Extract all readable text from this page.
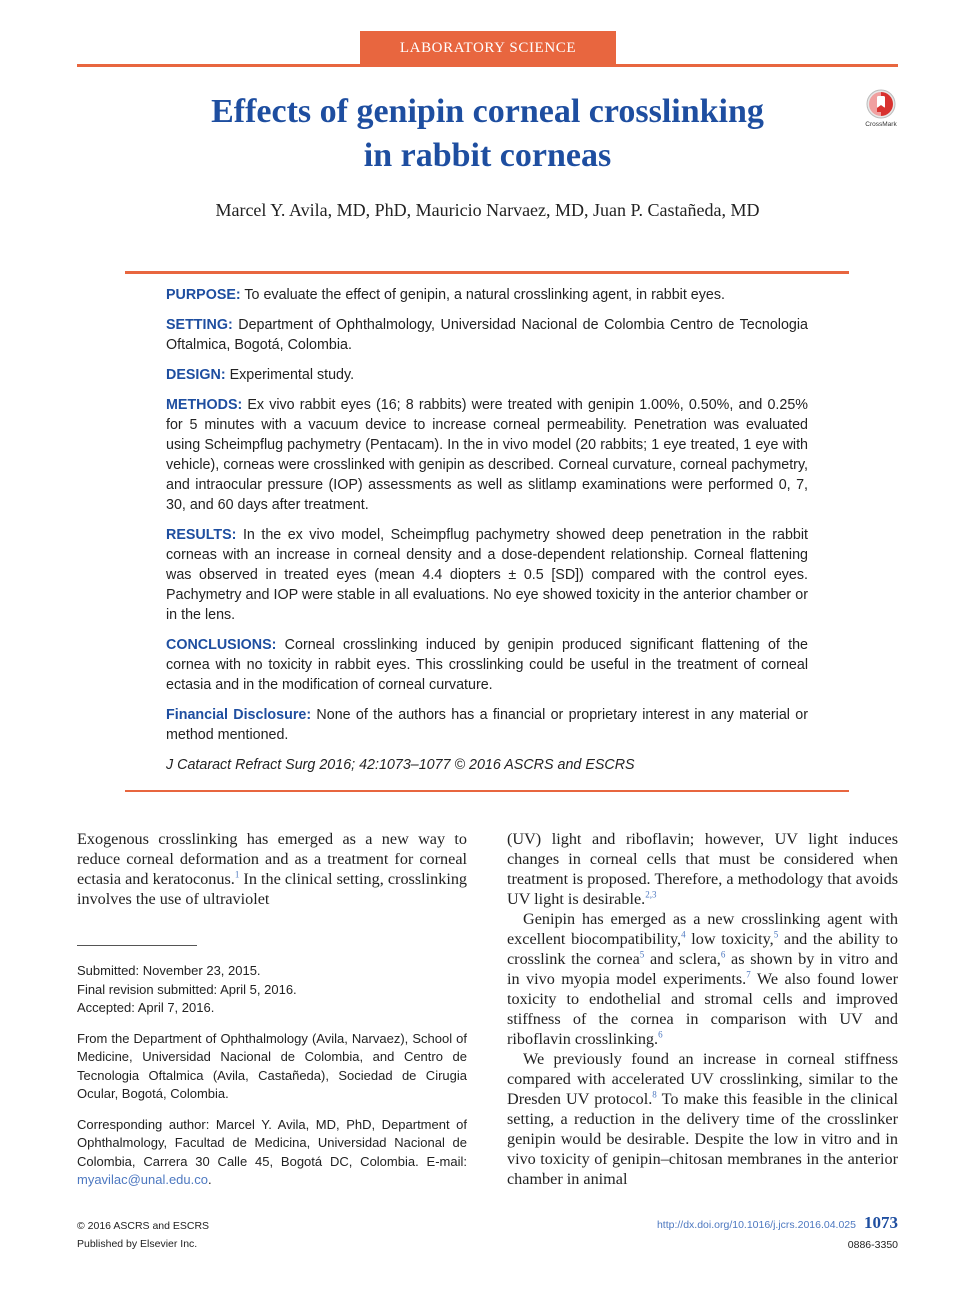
LABORATORY SCIENCE
Effects of genipin corneal crosslinking
in rabbit corneas
CrossMark
Marcel Y. Avila, MD, PhD, Mauricio Narvaez, MD, Juan P. Castañeda, MD

PURPOSE: To evaluate the effect of genipin, a natural crosslinking agent, in rabbit eyes.

SETTING: Department of Ophthalmology, Universidad Nacional de Colombia Centro de Tecnologia Oftalmica, Bogotá, Colombia.

DESIGN: Experimental study.

METHODS: Ex vivo rabbit eyes (16; 8 rabbits) were treated with genipin 1.00%, 0.50%, and 0.25% for 5 minutes with a vacuum device to increase corneal permeability. Penetration was evaluated using Scheimpflug pachymetry (Pentacam). In the in vivo model (20 rabbits; 1 eye treated, 1 eye with vehicle), corneas were crosslinked with genipin as described. Corneal curvature, corneal pachymetry, and intraocular pressure (IOP) assessments as well as slitlamp examinations were performed 0, 7, 30, and 60 days after treatment.

RESULTS: In the ex vivo model, Scheimpflug pachymetry showed deep penetration in the rabbit corneas with an increase in corneal density and a dose-dependent relationship. Corneal flattening was observed in treated eyes (mean 4.4 diopters ± 0.5 [SD]) compared with the control eyes. Pachymetry and IOP were stable in all evaluations. No eye showed toxicity in the anterior chamber or in the lens.

CONCLUSIONS: Corneal crosslinking induced by genipin produced significant flattening of the cornea with no toxicity in rabbit eyes. This crosslinking could be useful in the treatment of corneal ectasia and in the modification of corneal curvature.

Financial Disclosure: None of the authors has a financial or proprietary interest in any material or method mentioned.

J Cataract Refract Surg 2016; 42:1073–1077 © 2016 ASCRS and ESCRS

Exogenous crosslinking has emerged as a new way to reduce corneal deformation and as a treatment for corneal ectasia and keratoconus.$^1$ In the clinical setting, crosslinking involves the use of ultraviolet

(UV) light and riboflavin; however, UV light induces changes in corneal cells that must be considered when treatment is proposed. Therefore, a methodology that avoids UV light is desirable.$^{2,3}$

Genipin has emerged as a new crosslinking agent with excellent biocompatibility,$^4$ low toxicity,$^5$ and the ability to crosslink the cornea$^5$ and sclera,$^6$ as shown by in vitro and in vivo myopia model experiments.$^7$ We also found lower toxicity to endothelial and stromal cells and improved stiffness of the cornea in comparison with UV and riboflavin crosslinking.$^6$

We previously found an increase in corneal stiffness compared with accelerated UV crosslinking, similar to the Dresden UV protocol.$^8$ To make this feasible in the clinical setting, a reduction in the delivery time of the crosslinker genipin would be desirable. Despite the low in vitro and in vivo toxicity of genipin–chitosan membranes in the anterior chamber in animal

Submitted: November 23, 2015.

Final revision submitted: April 5, 2016.

Accepted: April 7, 2016.

From the Department of Ophthalmology (Avila, Narvaez), School of Medicine, Universidad Nacional de Colombia, and Centro de Tecnologia Oftalmica (Avila, Castañeda), Sociedad de Cirugia Ocular, Bogotá, Colombia.

Corresponding author: Marcel Y. Avila, MD, PhD, Department of Ophthalmology, Facultad de Medicina, Universidad Nacional de Colombia, Carrera 30 Calle 45, Bogotá DC, Colombia. E-mail: myavilac@unal.edu.co.

© 2016 ASCRS and ESCRS
Published by Elsevier Inc.
http://dx.doi.org/10.1016/j.jcrs.2016.04.025 1073
0886-3350
